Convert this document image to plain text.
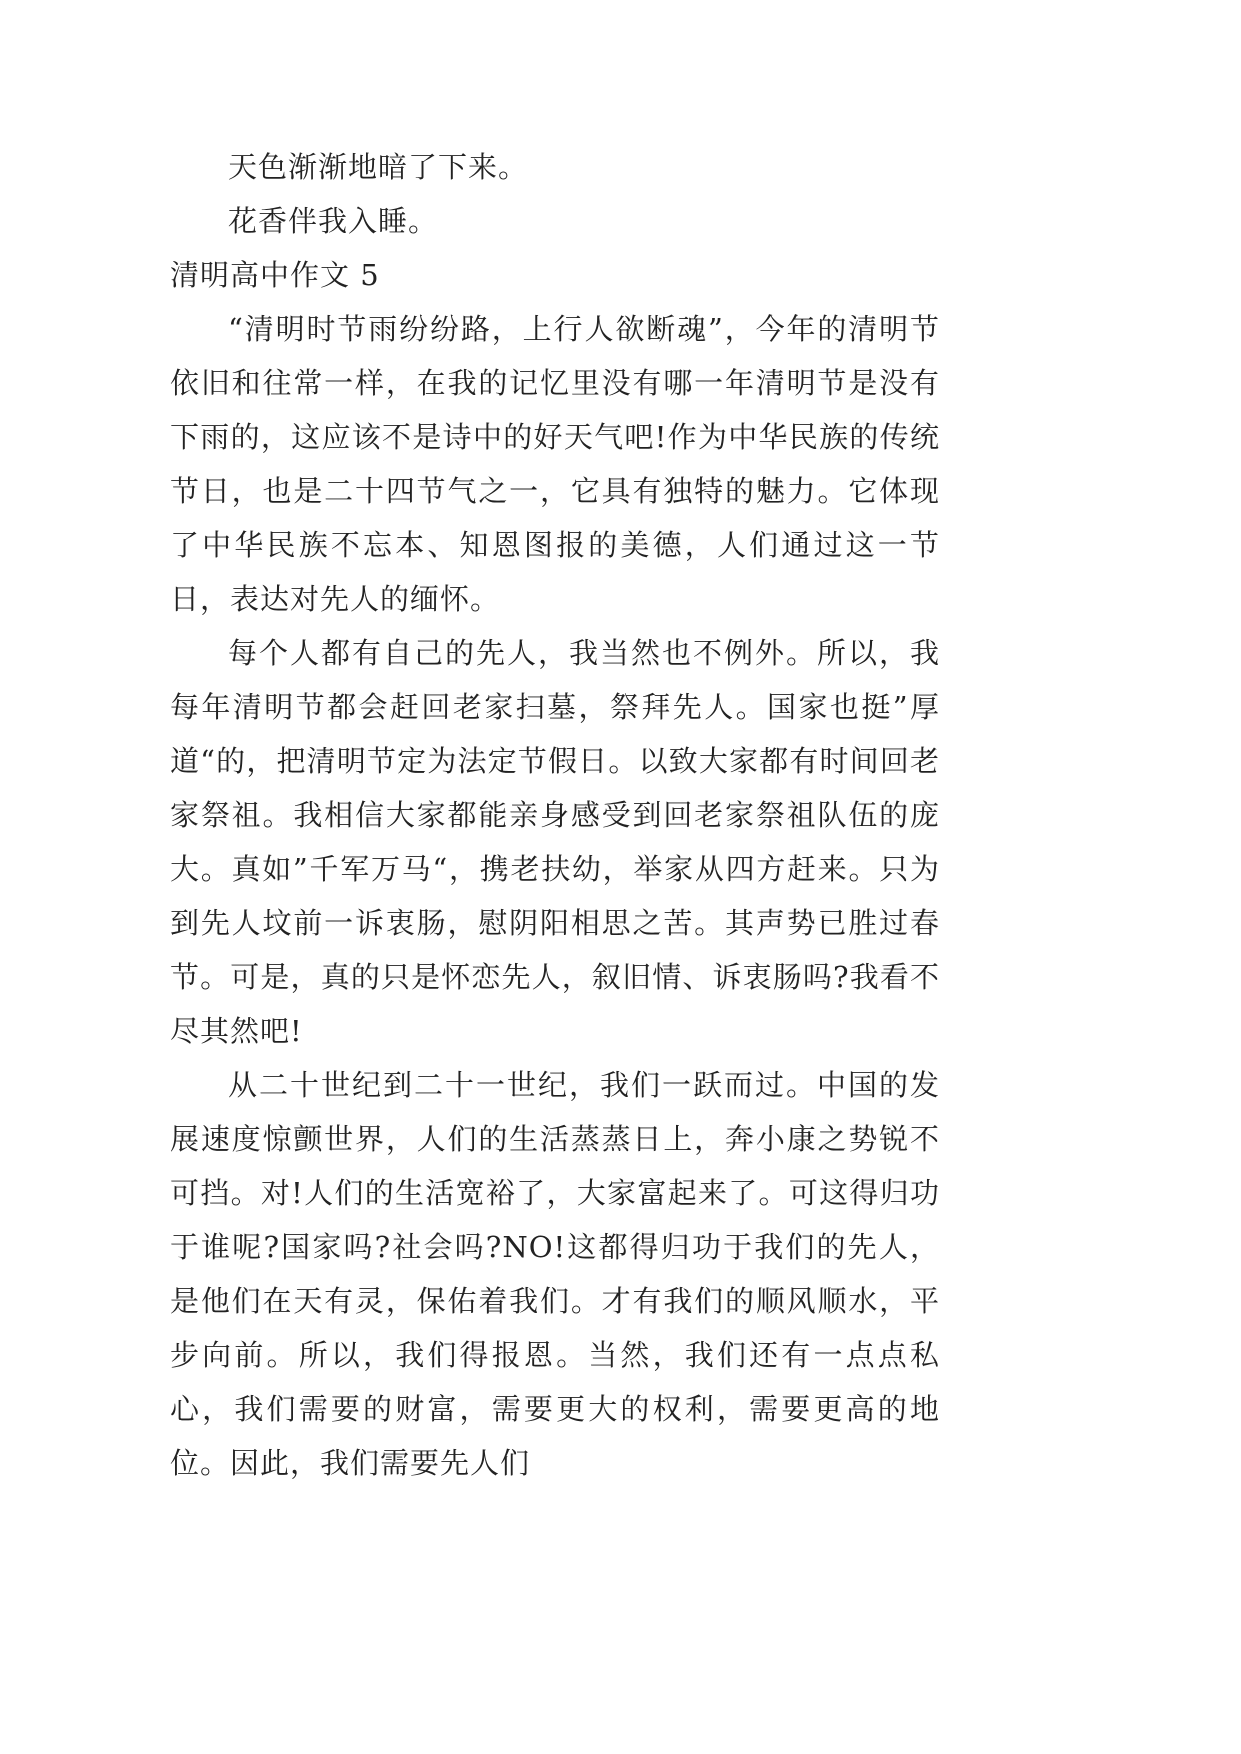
天色渐渐地暗了下来。

花香伴我入睡。

清明高中作文 5

“清明时节雨纷纷路，上行人欲断魂”，今年的清明节依旧和往常一样，在我的记忆里没有哪一年清明节是没有下雨的，这应该不是诗中的好天气吧!作为中华民族的传统节日，也是二十四节气之一，它具有独特的魅力。它体现了中华民族不忘本、知恩图报的美德，人们通过这一节日，表达对先人的缅怀。

每个人都有自己的先人，我当然也不例外。所以，我每年清明节都会赶回老家扫墓，祭拜先人。国家也挺”厚道“的，把清明节定为法定节假日。以致大家都有时间回老家祭祖。我相信大家都能亲身感受到回老家祭祖队伍的庞大。真如”千军万马“，携老扶幼，举家从四方赶来。只为到先人坟前一诉衷肠，慰阴阳相思之苦。其声势已胜过春节。可是，真的只是怀恋先人，叙旧情、诉衷肠吗?我看不尽其然吧!

从二十世纪到二十一世纪，我们一跃而过。中国的发展速度惊颤世界，人们的生活蒸蒸日上，奔小康之势锐不可挡。对!人们的生活宽裕了，大家富起来了。可这得归功于谁呢?国家吗?社会吗?NO!这都得归功于我们的先人，是他们在天有灵，保佑着我们。才有我们的顺风顺水，平步向前。所以，我们得报恩。当然，我们还有一点点私心，我们需要的财富，需要更大的权利，需要更高的地位。因此，我们需要先人们
